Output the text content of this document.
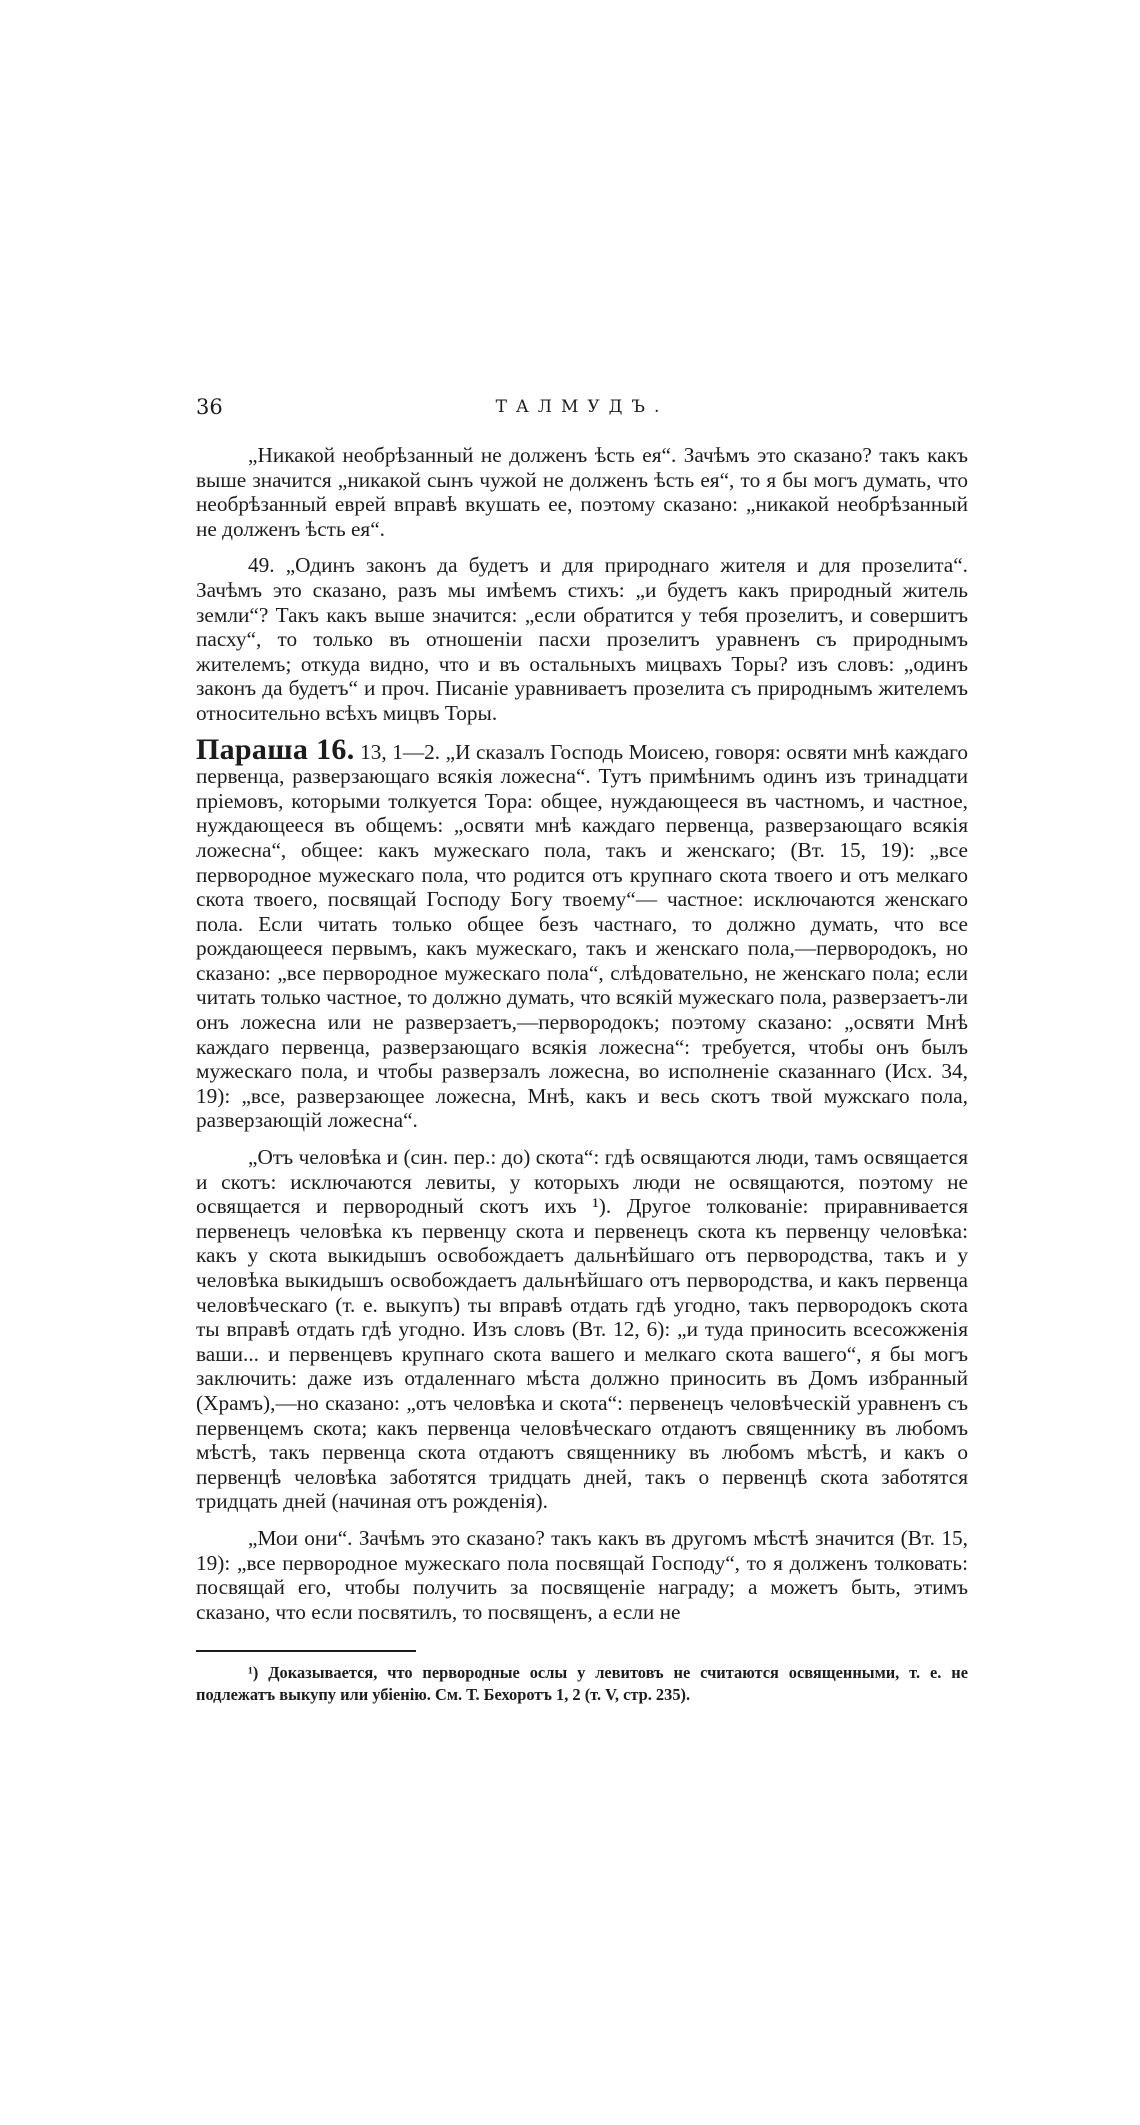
36	ТАЛМУДЪ.

„Никакой необрѣзанный не долженъ ѣсть ея“. Зачѣмъ это сказано? такъ какъ выше значится „никакой сынъ чужой не долженъ ѣсть ея“, то я бы могъ думать, что необрѣзанный еврей вправѣ вкушать ее, поэтому сказано: „никакой необрѣзанный не долженъ ѣсть ея“.

49. „Одинъ законъ да будетъ и для природнаго жителя и для прозелита“. Зачѣмъ это сказано, разъ мы имѣемъ стихъ: „и будетъ какъ природный житель земли“? Такъ какъ выше значится: „если обратится у тебя прозелитъ, и совершитъ пасху“, то только въ отношеніи пасхи прозелитъ уравненъ съ природнымъ жителемъ; откуда видно, что и въ остальныхъ мицвахъ Торы? изъ словъ: „одинъ законъ да будетъ“ и проч. Писаніе уравниваетъ прозелита съ природнымъ жителемъ относительно всѣхъ мицвъ Торы.

Параша 16. 13, 1—2. „И сказалъ Господь Моисею, говоря: освяти мнѣ каждаго первенца, разверзающаго всякія ложесна“. Тутъ примѣнимъ одинъ изъ тринадцати пріемовъ, которыми толкуется Тора: общее, нуждающееся въ частномъ, и частное, нуждающееся въ общемъ: „освяти мнѣ каждаго первенца, разверзающаго всякія ложесна“, общее: какъ мужескаго пола, такъ и женскаго; (Вт. 15, 19): „все первородное мужескаго пола, что родится отъ крупнаго скота твоего и отъ мелкаго скота твоего, посвящай Господу Богу твоему“— частное: исключаются женскаго пола. Если читать только общее безъ частнаго, то должно думать, что все рождающееся первымъ, какъ мужескаго, такъ и женскаго пола,—первородокъ, но сказано: „все первородное мужескаго пола“, слѣдовательно, не женскаго пола; если читать только частное, то должно думать, что всякій мужескаго пола, разверзаетъ-ли онъ ложесна или не разверзаетъ,—первородокъ; поэтому сказано: „освяти Мнѣ каждаго первенца, разверзающаго всякія ложесна“: требуется, чтобы онъ былъ мужескаго пола, и чтобы разверзалъ ложесна, во исполненіе сказаннаго (Исх. 34, 19): „все, разверзающее ложесна, Мнѣ, какъ и весь скотъ твой мужскаго пола, разверзающій ложесна“.

„Отъ человѣка и (син. пер.: до) скота“: гдѣ освящаются люди, тамъ освящается и скотъ: исключаются левиты, у которыхъ люди не освящаются, поэтому не освящается и первородный скотъ ихъ ¹). Другое толкованіе: приравнивается первенецъ человѣка къ первенцу скота и первенецъ скота къ первенцу человѣка: какъ у скота выкидышъ освобождаетъ дальнѣйшаго отъ первородства, такъ и у человѣка выкидышъ освобождаетъ дальнѣйшаго отъ первородства, и какъ первенца человѣческаго (т. е. выкупъ) ты вправѣ отдать гдѣ угодно, такъ первородокъ скота ты вправѣ отдать гдѣ угодно. Изъ словъ (Вт. 12, 6): „и туда приносить всесожженія ваши... и первенцевъ крупнаго скота вашего и мелкаго скота вашего“, я бы могъ заключить: даже изъ отдаленнаго мѣста должно приносить въ Домъ избранный (Храмъ),—но сказано: „отъ человѣка и скота“: первенецъ человѣческій уравненъ съ первенцемъ скота; какъ первенца человѣческаго отдаютъ священнику въ любомъ мѣстѣ, такъ первенца скота отдаютъ священнику въ любомъ мѣстѣ, и какъ о первенцѣ человѣка заботятся тридцать дней, такъ о первенцѣ скота заботятся тридцать дней (начиная отъ рожденія).

„Мои они“. Зачѣмъ это сказано? такъ какъ въ другомъ мѣстѣ значится (Вт. 15, 19): „все первородное мужескаго пола посвящай Господу“, то я долженъ толковать: посвящай его, чтобы получить за посвященіе награду; а можетъ быть, этимъ сказано, что если посвятилъ, то посвященъ, а если не

¹) Доказывается, что первородные ослы у левитовъ не считаются освященными, т. е. не подлежатъ выкупу или убіенію. См. Т. Бехоротъ 1, 2 (т. V, стр. 235).
